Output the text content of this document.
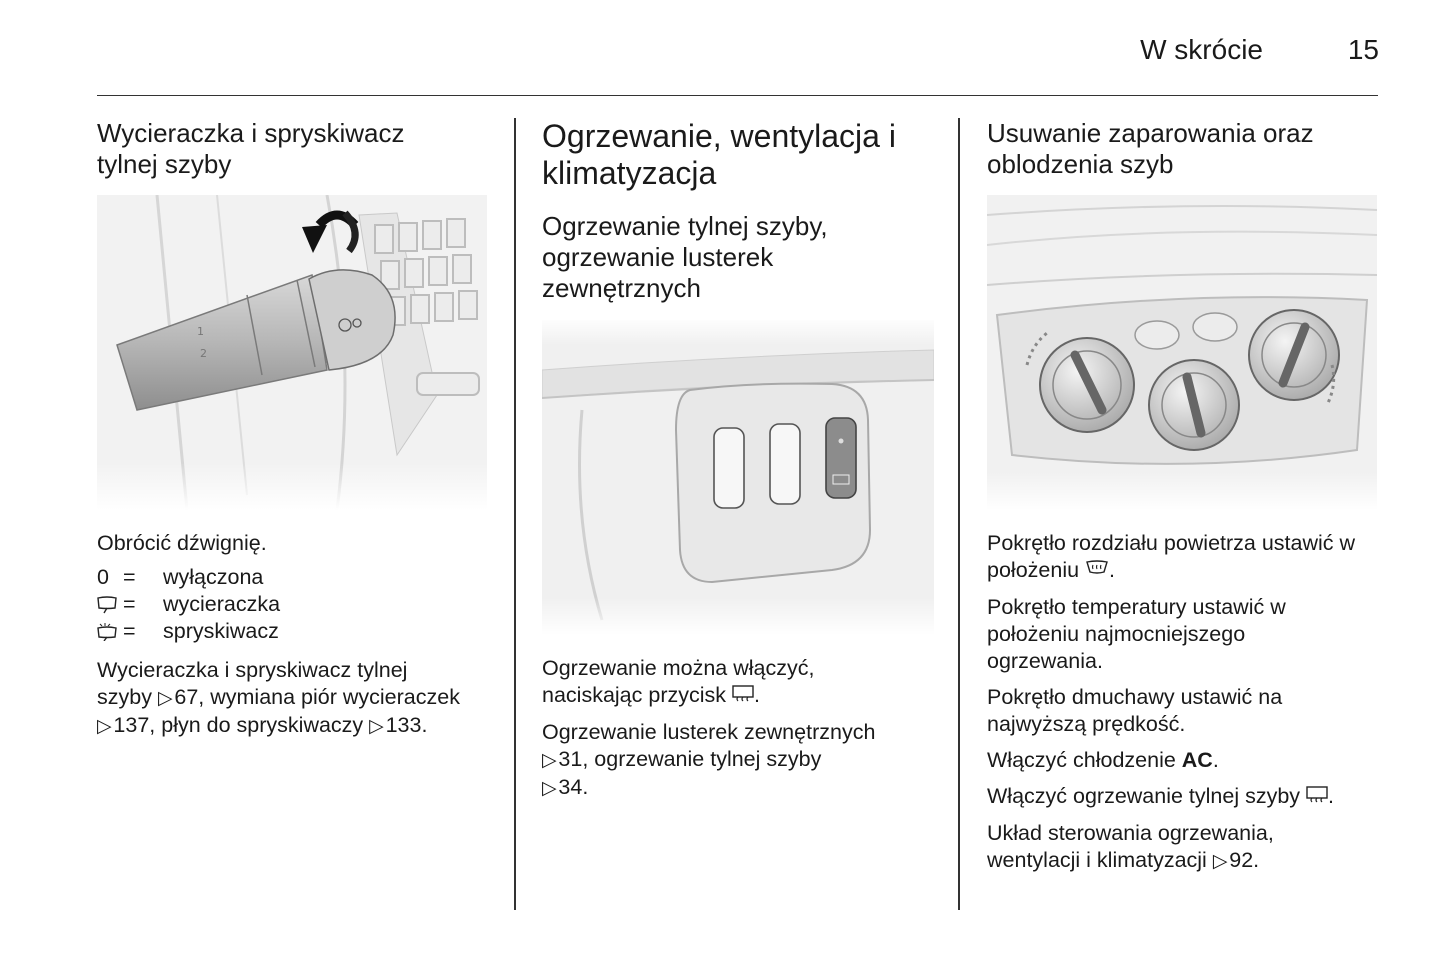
W skrócie	15
Wycieraczka i spryskiwacz tylnej szyby

Obrócić dźwignię.

0 =	wyłączona
=	wycieraczka
=	spryskiwacz

Wycieraczka i spryskiwacz tylnej szyby ▷ 67, wymiana piór wycieraczek ▷ 137, płyn do spryskiwaczy ▷ 133.

Ogrzewanie, wentylacja i klimatyzacja
Ogrzewanie tylnej szyby, ogrzewanie lusterek zewnętrznych

Ogrzewanie można włączyć, naciskając przycisk .

Ogrzewanie lusterek zewnętrznych
▷ 31, ogrzewanie tylnej szyby
▷ 34.

Usuwanie zaparowania oraz oblodzenia szyb

Pokrętło rozdziału powietrza ustawić w położeniu .

Pokrętło temperatury ustawić w położeniu najmocniejszego ogrzewania.

Pokrętło dmuchawy ustawić na najwyższą prędkość.

Włączyć chłodzenie AC.

Włączyć ogrzewanie tylnej szyby .

Układ sterowania ogrzewania, wentylacji i klimatyzacji ▷ 92.
